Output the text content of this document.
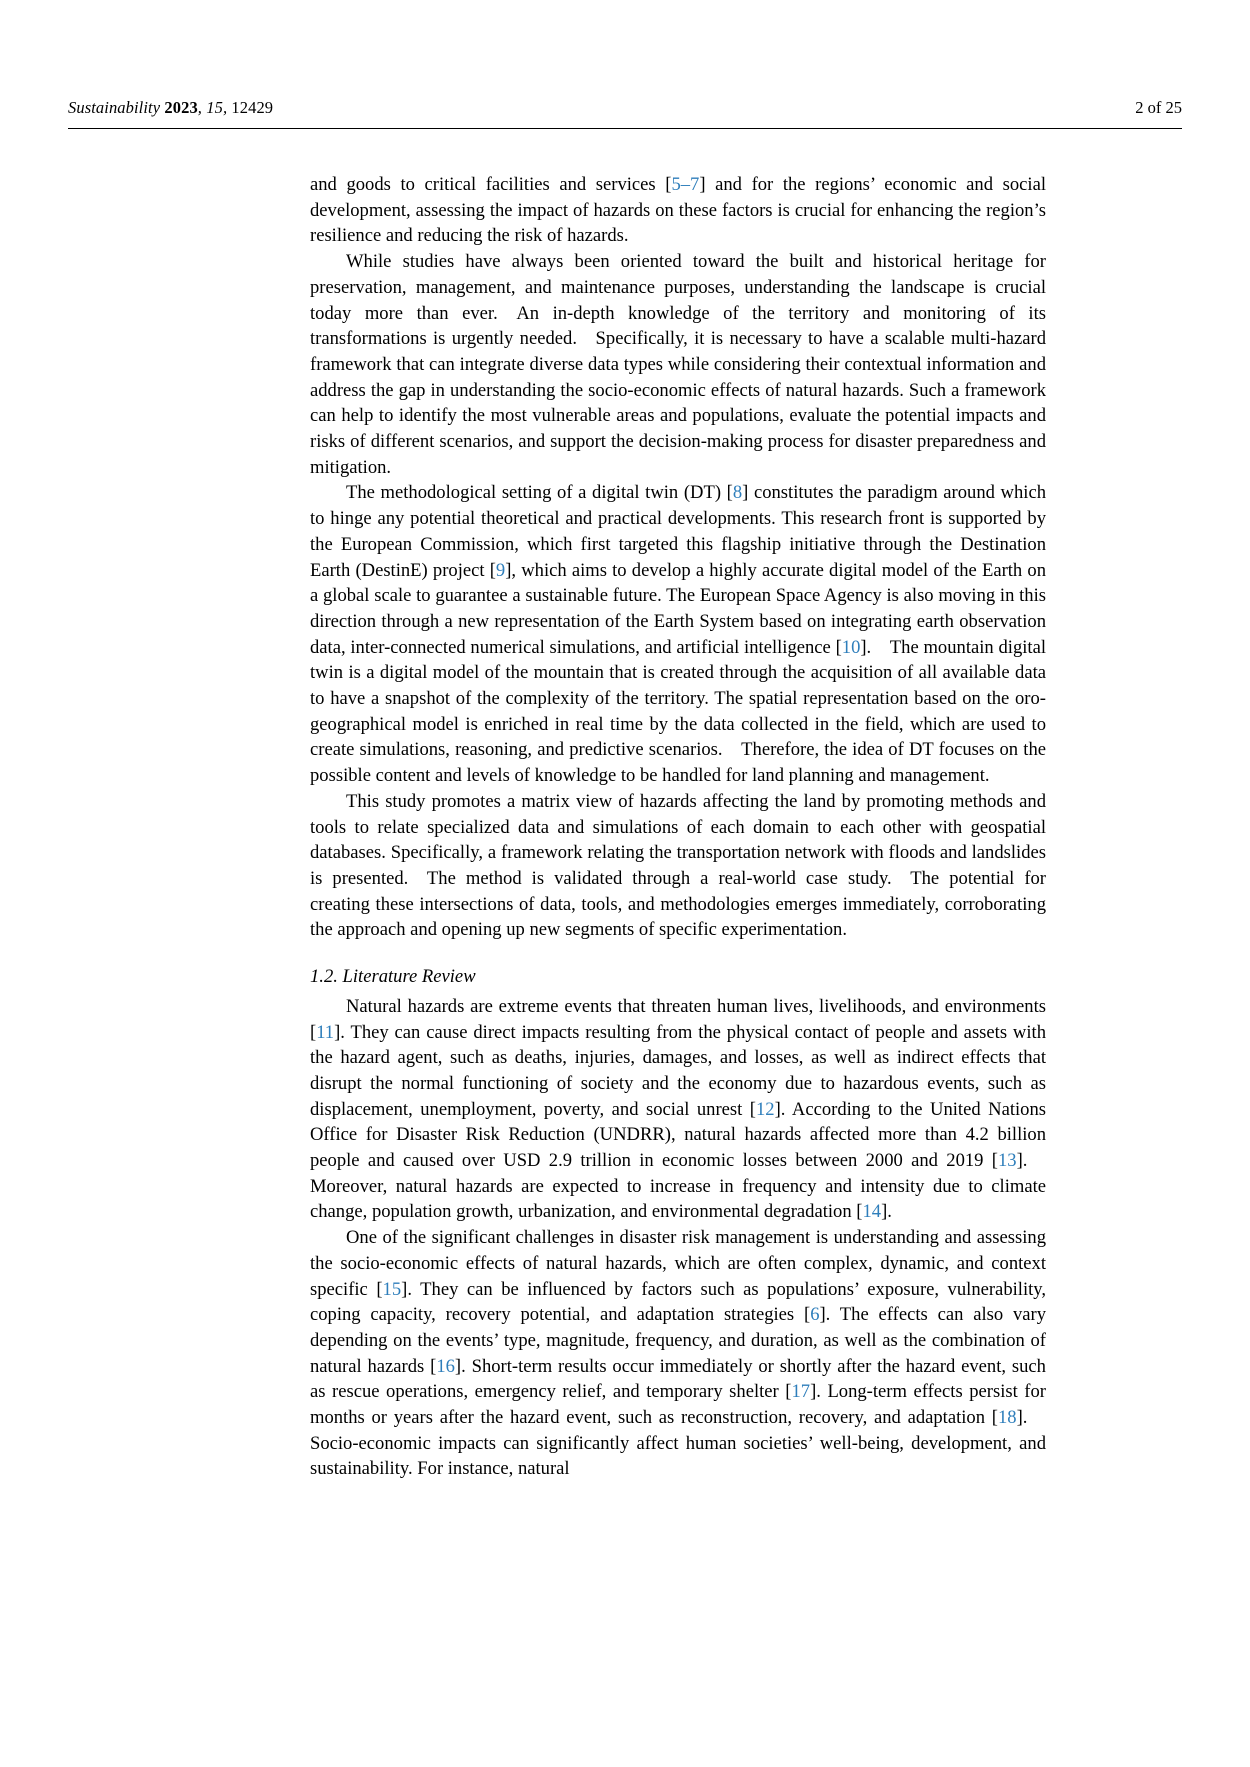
Sustainability 2023, 15, 12429	2 of 25

and goods to critical facilities and services [5–7] and for the regions’ economic and social development, assessing the impact of hazards on these factors is crucial for enhancing the region’s resilience and reducing the risk of hazards.

While studies have always been oriented toward the built and historical heritage for preservation, management, and maintenance purposes, understanding the landscape is crucial today more than ever. An in-depth knowledge of the territory and monitoring of its transformations is urgently needed. Specifically, it is necessary to have a scalable multi-hazard framework that can integrate diverse data types while considering their contextual information and address the gap in understanding the socio-economic effects of natural hazards. Such a framework can help to identify the most vulnerable areas and populations, evaluate the potential impacts and risks of different scenarios, and support the decision-making process for disaster preparedness and mitigation.

The methodological setting of a digital twin (DT) [8] constitutes the paradigm around which to hinge any potential theoretical and practical developments. This research front is supported by the European Commission, which first targeted this flagship initiative through the Destination Earth (DestinE) project [9], which aims to develop a highly accurate digital model of the Earth on a global scale to guarantee a sustainable future. The European Space Agency is also moving in this direction through a new representation of the Earth System based on integrating earth observation data, inter-connected numerical simulations, and artificial intelligence [10]. The mountain digital twin is a digital model of the mountain that is created through the acquisition of all available data to have a snapshot of the complexity of the territory. The spatial representation based on the oro-geographical model is enriched in real time by the data collected in the field, which are used to create simulations, reasoning, and predictive scenarios. Therefore, the idea of DT focuses on the possible content and levels of knowledge to be handled for land planning and management.

This study promotes a matrix view of hazards affecting the land by promoting methods and tools to relate specialized data and simulations of each domain to each other with geospatial databases. Specifically, a framework relating the transportation network with floods and landslides is presented. The method is validated through a real-world case study. The potential for creating these intersections of data, tools, and methodologies emerges immediately, corroborating the approach and opening up new segments of specific experimentation.

1.2. Literature Review

Natural hazards are extreme events that threaten human lives, livelihoods, and environments [11]. They can cause direct impacts resulting from the physical contact of people and assets with the hazard agent, such as deaths, injuries, damages, and losses, as well as indirect effects that disrupt the normal functioning of society and the economy due to hazardous events, such as displacement, unemployment, poverty, and social unrest [12]. According to the United Nations Office for Disaster Risk Reduction (UNDRR), natural hazards affected more than 4.2 billion people and caused over USD 2.9 trillion in economic losses between 2000 and 2019 [13]. Moreover, natural hazards are expected to increase in frequency and intensity due to climate change, population growth, urbanization, and environmental degradation [14].

One of the significant challenges in disaster risk management is understanding and assessing the socio-economic effects of natural hazards, which are often complex, dynamic, and context specific [15]. They can be influenced by factors such as populations’ exposure, vulnerability, coping capacity, recovery potential, and adaptation strategies [6]. The effects can also vary depending on the events’ type, magnitude, frequency, and duration, as well as the combination of natural hazards [16]. Short-term results occur immediately or shortly after the hazard event, such as rescue operations, emergency relief, and temporary shelter [17]. Long-term effects persist for months or years after the hazard event, such as reconstruction, recovery, and adaptation [18]. Socio-economic impacts can significantly affect human societies’ well-being, development, and sustainability. For instance, natural
